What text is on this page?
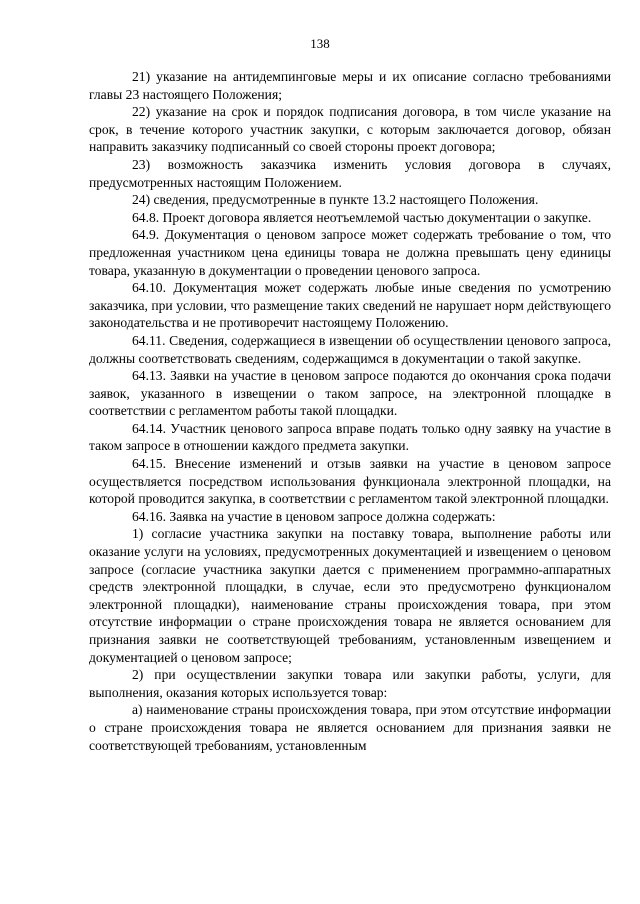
138

21) указание на антидемпинговые меры и их описание согласно требованиями главы 23 настоящего Положения;

22) указание на срок и порядок подписания договора, в том числе указание на срок, в течение которого участник закупки, с которым заключается договор, обязан направить заказчику подписанный со своей стороны проект договора;

23) возможность заказчика изменить условия договора в случаях, предусмотренных настоящим Положением.

24) сведения, предусмотренные в пункте 13.2 настоящего Положения.

64.8. Проект договора является неотъемлемой частью документации о закупке.

64.9. Документация о ценовом запросе может содержать требование о том, что предложенная участником цена единицы товара не должна превышать цену единицы товара, указанную в документации о проведении ценового запроса.

64.10. Документация может содержать любые иные сведения по усмотрению заказчика, при условии, что размещение таких сведений не нарушает норм действующего законодательства и не противоречит настоящему Положению.

64.11. Сведения, содержащиеся в извещении об осуществлении ценового запроса, должны соответствовать сведениям, содержащимся в документации о такой закупке.

64.13. Заявки на участие в ценовом запросе подаются до окончания срока подачи заявок, указанного в извещении о таком запросе, на электронной площадке в соответствии с регламентом работы такой площадки.

64.14. Участник ценового запроса вправе подать только одну заявку на участие в таком запросе в отношении каждого предмета закупки.

64.15. Внесение изменений и отзыв заявки на участие в ценовом запросе осуществляется посредством использования функционала электронной площадки, на которой проводится закупка, в соответствии с регламентом такой электронной площадки.

64.16. Заявка на участие в ценовом запросе должна содержать:

1) согласие участника закупки на поставку товара, выполнение работы или оказание услуги на условиях, предусмотренных документацией и извещением о ценовом запросе (согласие участника закупки дается с применением программно-аппаратных средств электронной площадки, в случае, если это предусмотрено функционалом электронной площадки), наименование страны происхождения товара, при этом отсутствие информации о стране происхождения товара не является основанием для признания заявки не соответствующей требованиям, установленным извещением и документацией о ценовом запросе;

2) при осуществлении закупки товара или закупки работы, услуги, для выполнения, оказания которых используется товар:

а) наименование страны происхождения товара, при этом отсутствие информации о стране происхождения товара не является основанием для признания заявки не соответствующей требованиям, установленным
